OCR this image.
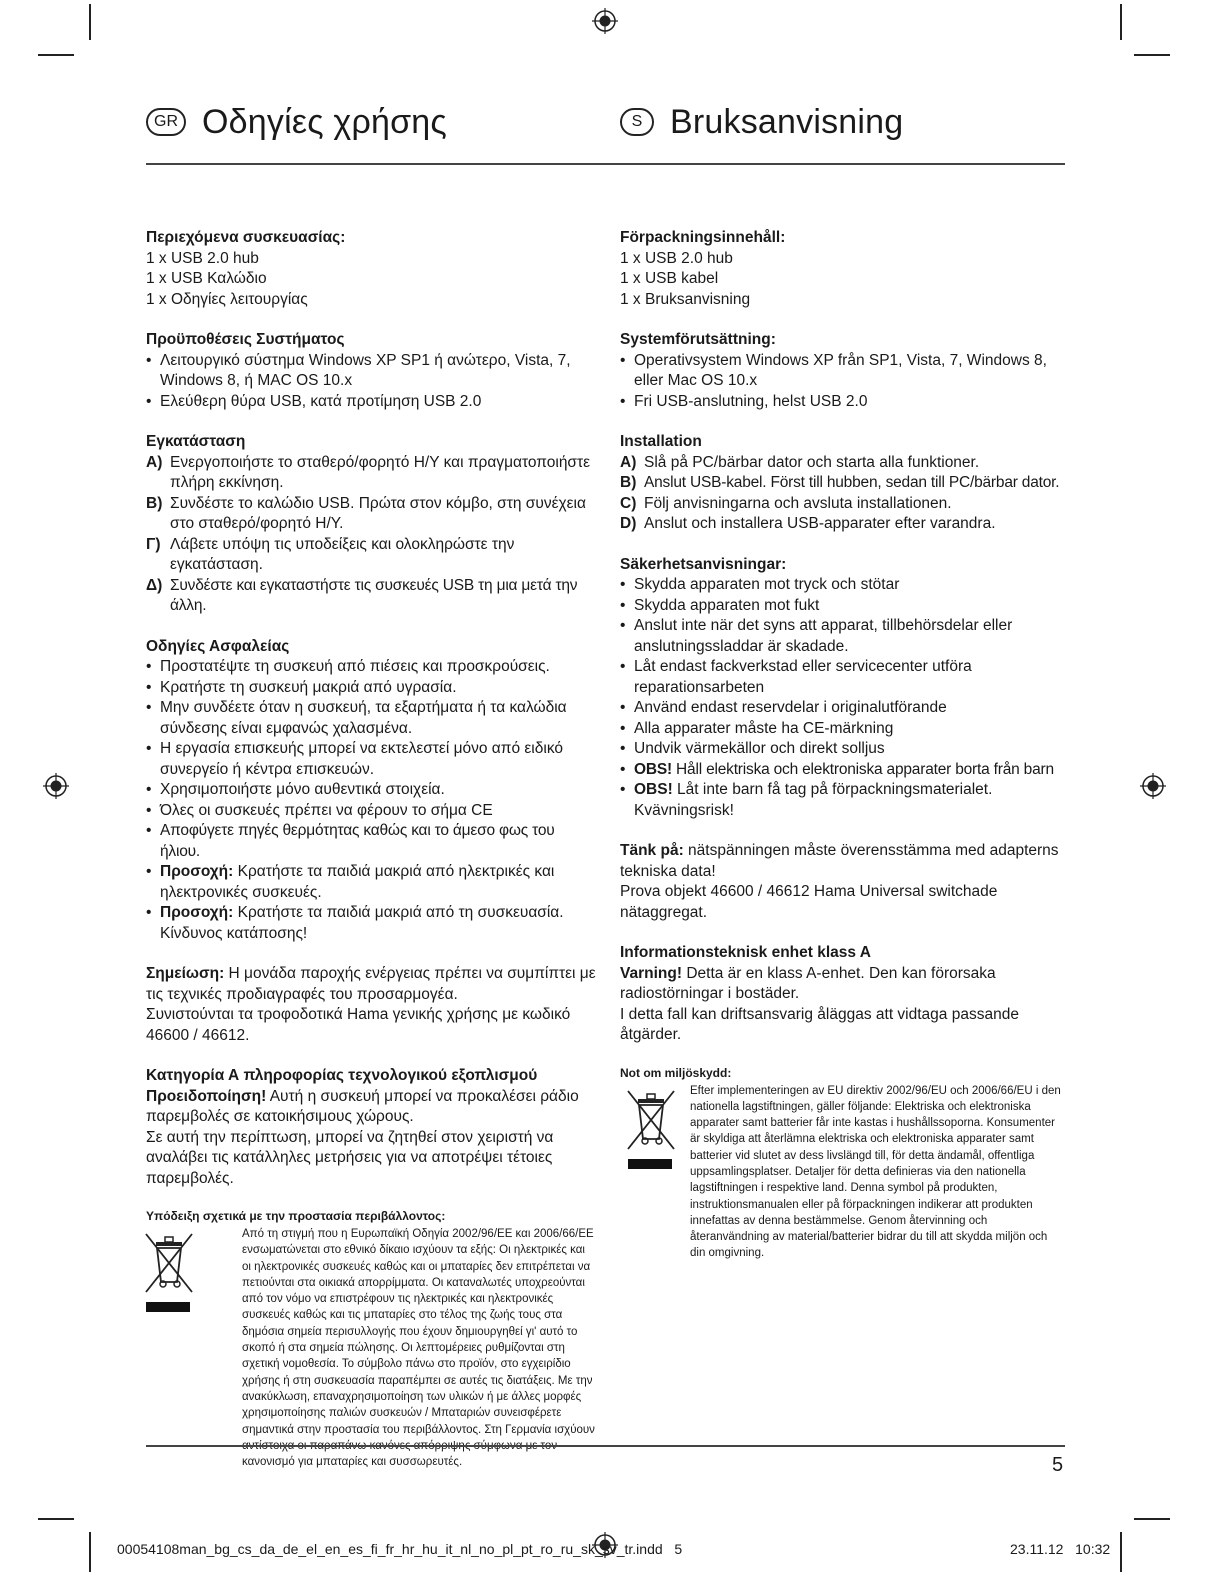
GR Οδηγίες χρήσης	S Bruksanvisning
Περιεχόμενα συσκευασίας:
1 x USB 2.0 hub
1 x USB Καλώδιο
1 x Οδηγίες λειτουργίας
Προϋποθέσεις Συστήματος
• Λειτουργικό σύστημα Windows XP SP1 ή ανώτερο, Vista, 7, Windows 8, ή MAC OS 10.x
• Ελεύθερη θύρα USB, κατά προτίμηση USB 2.0
Εγκατάσταση
A) Ενεργοποιήστε το σταθερό/φορητό Η/Υ και πραγματοποιήστε πλήρη εκκίνηση.
B) Συνδέστε το καλώδιο USB. Πρώτα στον κόμβο, στη συνέχεια στο σταθερό/φορητό Η/Υ.
Γ) Λάβετε υπόψη τις υποδείξεις και ολοκληρώστε την εγκατάσταση.
Δ) Συνδέστε και εγκαταστήστε τις συσκευές USB τη μια μετά την άλλη.
Οδηγίες Ασφαλείας
• Προστατέψτε τη συσκευή από πιέσεις και προσκρούσεις.
• Κρατήστε τη συσκευή μακριά από υγρασία.
• Μην συνδέετε όταν η συσκευή, τα εξαρτήματα ή τα καλώδια σύνδεσης είναι εμφανώς χαλασμένα.
• Η εργασία επισκευής μπορεί να εκτελεστεί μόνο από ειδικό συνεργείο ή κέντρα επισκευών.
• Χρησιμοποιήστε μόνο αυθεντικά στοιχεία.
• Όλες οι συσκευές πρέπει να φέρουν το σήμα CE
• Αποφύγετε πηγές θερμότητας καθώς και το άμεσο φως του ήλιου.
• Προσοχή: Κρατήστε τα παιδιά μακριά από ηλεκτρικές και ηλεκτρονικές συσκευές.
• Προσοχή: Κρατήστε τα παιδιά μακριά από τη συσκευασία. Κίνδυνος κατάποσης!
Σημείωση: Η μονάδα παροχής ενέργειας πρέπει να συμπίπτει με τις τεχνικές προδιαγραφές του προσαρμογέα.
Συνιστούνται τα τροφοδοτικά Hama γενικής χρήσης με κωδικό 46600 / 46612.
Κατηγορία Α πληροφορίας τεχνολογικού εξοπλισμού
Προειδοποίηση! Αυτή η συσκευή μπορεί να προκαλέσει ράδιο παρεμβολές σε κατοικήσιμους χώρους.
Σε αυτή την περίπτωση, μπορεί να ζητηθεί στον χειριστή να αναλάβει τις κατάλληλες μετρήσεις για να αποτρέψει τέτοιες παρεμβολές.
Υπόδειξη σχετικά με την προστασία περιβάλλοντος:
Από τη στιγμή που η Ευρωπαϊκή Οδηγία 2002/96/ΕΕ και 2006/66/ΕΕ ενσωματώνεται στο εθνικό δίκαιο ισχύουν τα εξής: Οι ηλεκτρικές και οι ηλεκτρονικές συσκευές καθώς και οι μπαταρίες δεν επιτρέπεται να πετιούνται στα οικιακά απορρίμματα. Οι καταναλωτές υποχρεούνται από τον νόμο να επιστρέφουν τις ηλεκτρικές και ηλεκτρονικές συσκευές καθώς και τις μπαταρίες στο τέλος της ζωής τους στα δημόσια σημεία περισυλλογής που έχουν δημιουργηθεί γι' αυτό το σκοπό ή στα σημεία πώλησης. Οι λεπτομέρειες ρυθμίζονται στη σχετική νομοθεσία. Το σύμβολο πάνω στο προϊόν, στο εγχειρίδιο χρήσης ή στη συσκευασία παραπέμπει σε αυτές τις διατάξεις. Με την ανακύκλωση, επαναχρησιμοποίηση των υλικών ή με άλλες μορφές χρησιμοποίησης παλιών συσκευών / Μπαταριών συνεισφέρετε σημαντικά στην προστασία του περιβάλλοντος. Στη Γερμανία ισχύουν κανονισμό για μπαταρίες και συσσωρευτές.
Förpackningsinnehåll:
1 x USB 2.0 hub
1 x USB kabel
1 x Bruksanvisning
Systemförutsättning:
• Operativsystem Windows XP från SP1, Vista, 7, Windows 8, eller Mac OS 10.x
• Fri USB-anslutning, helst USB 2.0
Installation
A) Slå på PC/bärbar dator och starta alla funktioner.
B) Anslut USB-kabel. Först till hubben, sedan till PC/bärbar dator.
C) Följ anvisningarna och avsluta installationen.
D) Anslut och installera USB-apparater efter varandra.
Säkerhetsanvisningar:
• Skydda apparaten mot tryck och stötar
• Skydda apparaten mot fukt
• Anslut inte när det syns att apparat, tillbehörsdelar eller anslutningssladdar är skadade.
• Låt endast fackverkstad eller servicecenter utföra reparationsarbeten
• Använd endast reservdelar i originalutförande
• Alla apparater måste ha CE-märkning
• Undvik värmekällor och direkt solljus
• OBS! Håll elektriska och elektroniska apparater borta från barn
• OBS! Låt inte barn få tag på förpackningsmaterialet. Kvävningsrisk!
Tänk på: nätspänningen måste överensstämma med adapterns tekniska data!
Prova objekt 46600 / 46612 Hama Universal switchade nätaggregat.
Informationsteknisk enhet klass A
Varning! Detta är en klass A-enhet. Den kan förorsaka radiostörningar i bostäder.
I detta fall kan driftsansvarig åläggas att vidtaga passande åtgärder.
Not om miljöskydd:
Efter implementeringen av EU direktiv 2002/96/EU och 2006/66/EU i den nationella lagstiftningen, gäller följande: Elektriska och elektroniska apparater samt batterier får inte kastas i hushållssoporna. Konsumenter är skyldiga att återlämna elektriska och elektroniska apparater samt batterier vid slutet av dess livslängd till, för detta ändamål, offentliga uppsamlingsplatser. Detaljer för detta definieras via den nationella lagstiftningen i respektive land. Denna symbol på produkten, instruktionsmanualen eller på förpackningen indikerar att produkten innefattas av denna bestämmelse. Genom återvinning och återanvändning av material/batterier bidrar du till att skydda miljön och din omgivning.
5
00054108man_bg_cs_da_de_el_en_es_fi_fr_hr_hu_it_nl_no_pl_pt_ro_ru_sk_sv_tr.indd   5	23.11.12   10:32
